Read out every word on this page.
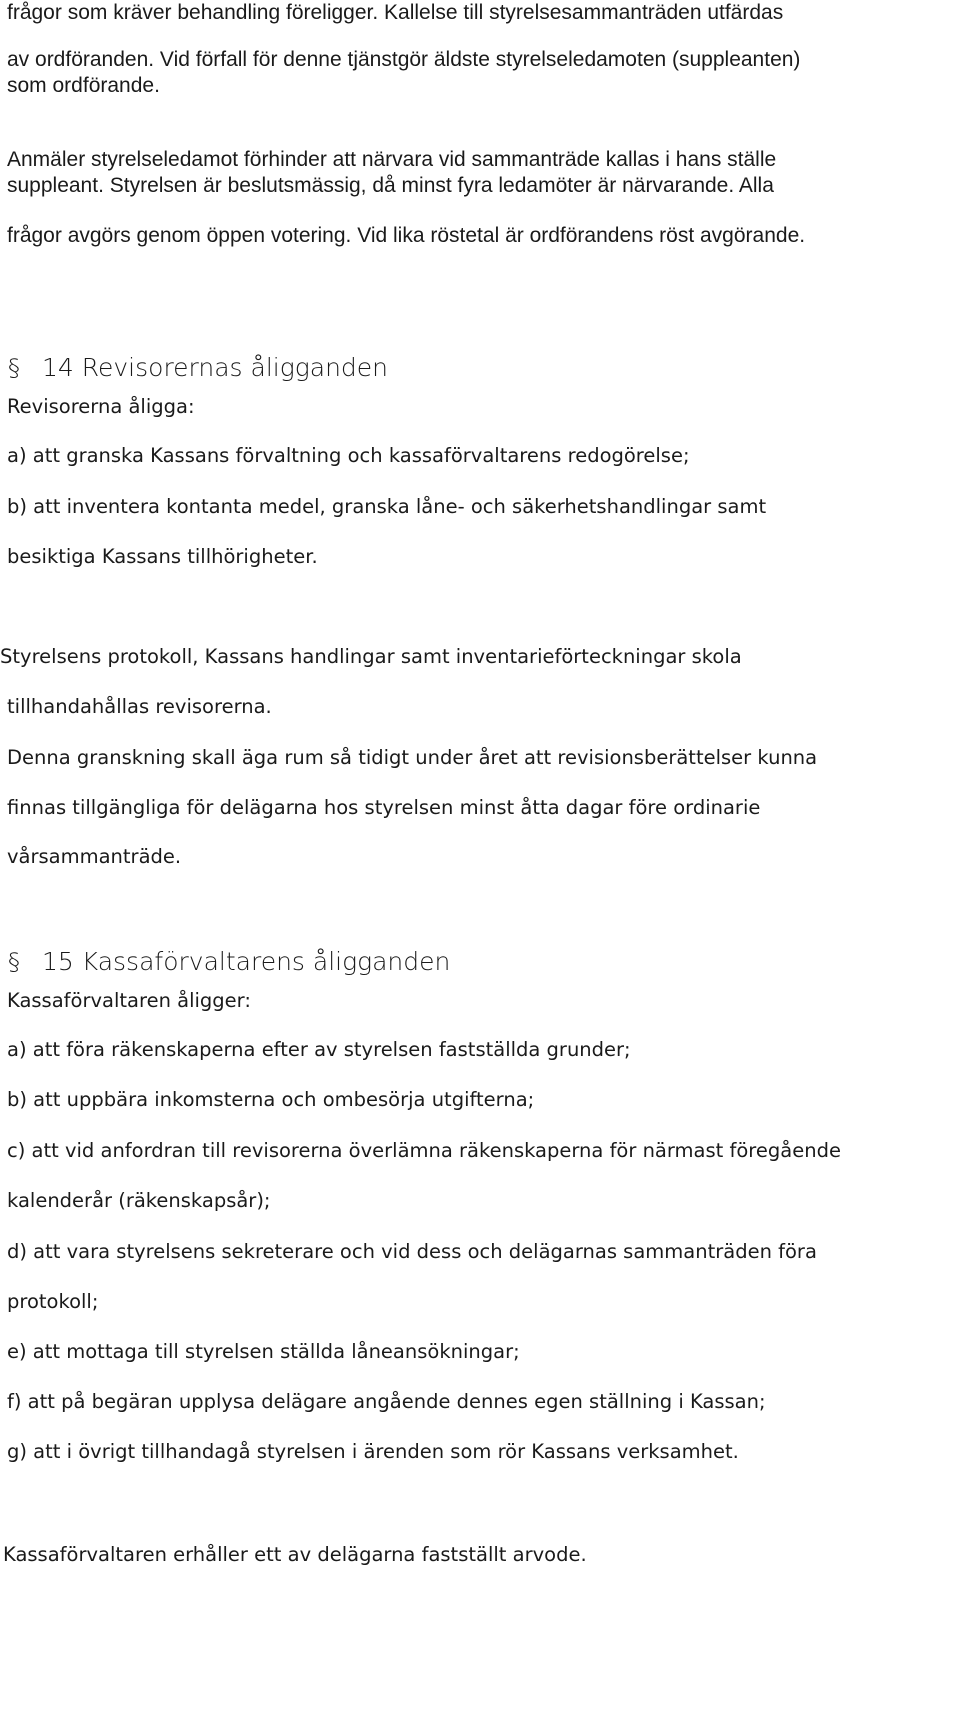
frågor som kräver behandling föreligger. Kallelse till styrelsesammanträden utfärdas
av ordföranden. Vid förfall för denne tjänstgör äldste styrelseledamoten (suppleanten)
som ordförande.
Anmäler styrelseledamot förhinder att närvara vid sammanträde kallas i hans ställe
suppleant. Styrelsen är beslutsmässig, då minst fyra ledamöter är närvarande. Alla
frågor avgörs genom öppen votering. Vid lika röstetal är ordförandens röst avgörande.
§ 14 Revisorernas åligganden
Revisorerna åligga:
a) att granska Kassans förvaltning och kassaförvaltarens redogörelse;
b) att inventera kontanta medel, granska låne- och säkerhetshandlingar samt
besiktiga Kassans tillhörigheter.
Styrelsens protokoll, Kassans handlingar samt inventarieförteckningar skola
tillhandahållas revisorerna.
Denna granskning skall äga rum så tidigt under året att revisionsberättelser kunna
finnas tillgängliga för delägarna hos styrelsen minst åtta dagar före ordinarie
vårsammanträde.
§ 15 Kassaförvaltarens åligganden
Kassaförvaltaren åligger:
a) att föra räkenskaperna efter av styrelsen fastställda grunder;
b) att uppbära inkomsterna och ombesörja utgifterna;
c) att vid anfordran till revisorerna överlämna räkenskaperna för närmast föregående
kalenderår (räkenskapsår);
d) att vara styrelsens sekreterare och vid dess och delägarnas sammanträden föra
protokoll;
e) att mottaga till styrelsen ställda låneansökningar;
f) att på begäran upplysa delägare angående dennes egen ställning i Kassan;
g) att i övrigt tillhandagå styrelsen i ärenden som rör Kassans verksamhet.
Kassaförvaltaren erhåller ett av delägarna fastställt arvode.
